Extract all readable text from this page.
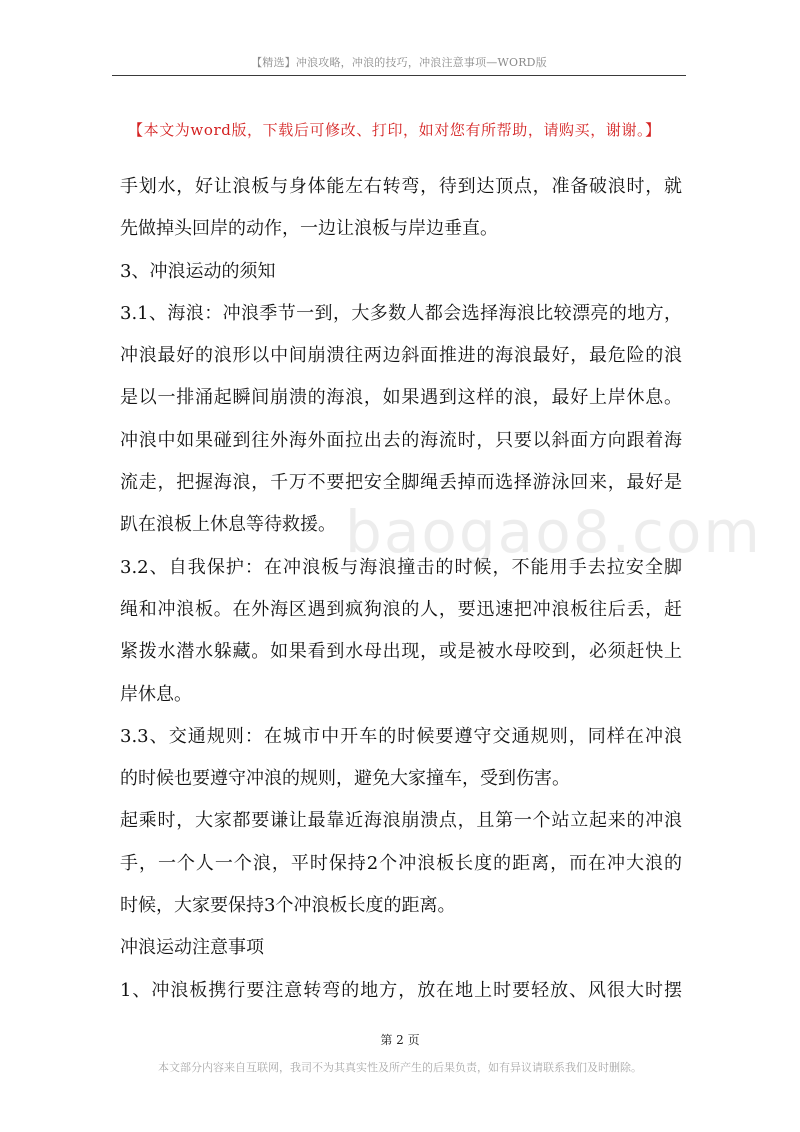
【精选】冲浪攻略，冲浪的技巧，冲浪注意事项—WORD版
【本文为word版，下载后可修改、打印，如对您有所帮助，请购买，谢谢。】
baogao8.com
手划水，好让浪板与身体能左右转弯，待到达顶点，准备破浪时，就
先做掉头回岸的动作，一边让浪板与岸边垂直。
3、冲浪运动的须知
3.1、海浪：冲浪季节一到，大多数人都会选择海浪比较漂亮的地方，
冲浪最好的浪形以中间崩溃往两边斜面推进的海浪最好，最危险的浪
是以一排涌起瞬间崩溃的海浪，如果遇到这样的浪，最好上岸休息。
冲浪中如果碰到往外海外面拉出去的海流时，只要以斜面方向跟着海
流走，把握海浪，千万不要把安全脚绳丢掉而选择游泳回来，最好是
趴在浪板上休息等待救援。
3.2、自我保护：在冲浪板与海浪撞击的时候，不能用手去拉安全脚
绳和冲浪板。在外海区遇到疯狗浪的人，要迅速把冲浪板往后丢，赶
紧拨水潜水躲藏。如果看到水母出现，或是被水母咬到，必须赶快上
岸休息。
3.3、交通规则：在城市中开车的时候要遵守交通规则，同样在冲浪
的时候也要遵守冲浪的规则，避免大家撞车，受到伤害。
起乘时，大家都要谦让最靠近海浪崩溃点，且第一个站立起来的冲浪
手，一个人一个浪，平时保持2个冲浪板长度的距离，而在冲大浪的
时候，大家要保持3个冲浪板长度的距离。
冲浪运动注意事项
1、冲浪板携行要注意转弯的地方，放在地上时要轻放、风很大时摆
第 2 页
本文部分内容来自互联网，我司不为其真实性及所产生的后果负责，如有异议请联系我们及时删除。
